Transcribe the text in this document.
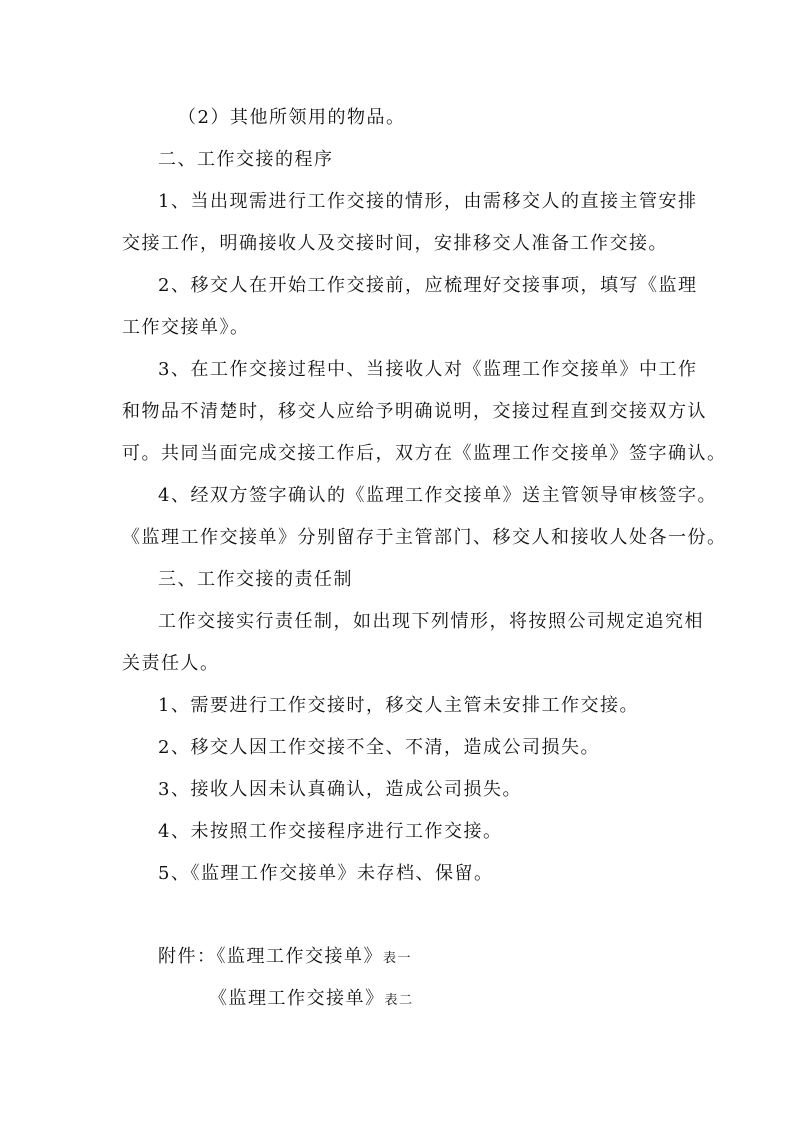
（2）其他所领用的物品。
二、工作交接的程序
1、当出现需进行工作交接的情形，由需移交人的直接主管安排
交接工作，明确接收人及交接时间，安排移交人准备工作交接。
2、移交人在开始工作交接前，应梳理好交接事项，填写《监理
工作交接单》。
3、在工作交接过程中、当接收人对《监理工作交接单》中工作
和物品不清楚时，移交人应给予明确说明，交接过程直到交接双方认
可。共同当面完成交接工作后，双方在《监理工作交接单》签字确认。
4、经双方签字确认的《监理工作交接单》送主管领导审核签字。
《监理工作交接单》分别留存于主管部门、移交人和接收人处各一份。
三、工作交接的责任制
工作交接实行责任制，如出现下列情形，将按照公司规定追究相
关责任人。
1、需要进行工作交接时，移交人主管未安排工作交接。
2、移交人因工作交接不全、不清，造成公司损失。
3、接收人因未认真确认，造成公司损失。
4、未按照工作交接程序进行工作交接。
5、《监理工作交接单》未存档、保留。
附件：《监理工作交接单》表一
《监理工作交接单》表二
